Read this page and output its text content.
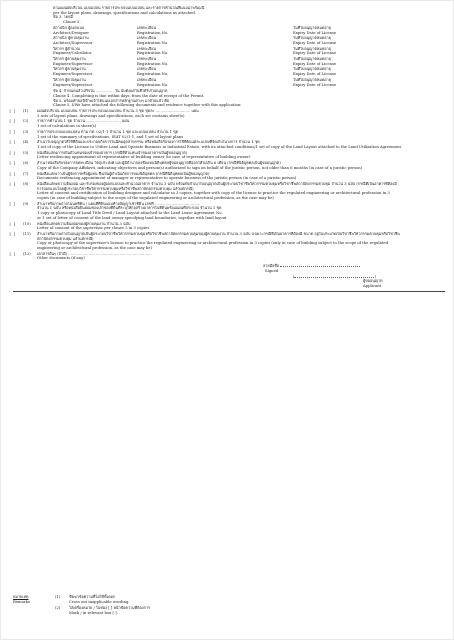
ตามแผนผังบริเวณ แบบแปลน รายการประกอบแบบแปลน และรายการคำนวณที่แนบมาพร้อมนี้
per the layout plans, drawings, specifications and calculations as attached.
ข้อ 3. โดยมี
Clause 3.
สถาปนิก ผู้ออกแบบ	เลขทะเบียน	วันที่ใบอนุญาตหมดอายุ
Architect/Designer	Registration No.	Expiry Date of License
สถาปนิก ผู้ควบคุมงาน	เลขทะเบียน	วันที่ใบอนุญาตหมดอายุ
Architect/Supervisor	Registration No.	Expiry Date of License
วิศวกร ผู้คำนวณ	เลขทะเบียน	วันที่ใบอนุญาตหมดอายุ
Engineer/Calculator	Registration No.	Expiry Date of License
วิศวกร ผู้ควบคุมงาน	เลขทะเบียน	วันที่ใบอนุญาตหมดอายุ
Engineer/Supervisor	Registration No.	Expiry Date of License
วิศวกร ผู้ควบคุมงาน	เลขทะเบียน	วันที่ใบอนุญาตหมดอายุ
Engineer/Supervisor	Registration No.	Expiry Date of License
วิศวกร ผู้ควบคุมงาน	เลขทะเบียน	วันที่ใบอนุญาตหมดอายุ
Engineer/Supervisor	Registration No.	Expiry Date of License
ข้อ 4. กำหนดแล้วเสร็จใน ............... วัน นับตั้งแต่วันที่ได้รับใบอนุญาต
Clause 4. Completing is due within days, from the date of receipt of the Permit.
ข้อ 5. พร้อมคำขอนี้ข้าพเจ้าได้แนบเอกสารหลักฐานต่างๆ มาด้วยแล้ว คือ
Clause 5. I/We have attached the following documents and evidence together with this application:
[ ]	(1)	แผนผังบริเวณ แบบแปลน รายการประกอบแบบแปลน จำนวน 3 ชุด ชุดละ ............................. แผ่น
3 sets of layout plans, drawings and specifications, each set contains sheet(s)
[ ]	(2)	รายการคำนวณ 1 ชุด จำนวน ............................. แผ่น
1 set of calculations in sheet(s)
[ ]	(3)	รายการประกอบแบบแปลน ตาม กท. 02/1-1 จำนวน 1 ชุด และแบบแปลน จำนวน 1 ชุด
1 set of the summary of specifications, IEAT 02/1-1, and 1 set of layout plans
[ ]	(4)	สำเนาใบอนุญาตให้ใช้ที่ดินและประกอบกิจการในนิคมอุตสาหกรรม หรือหนังสือรับรองการใช้ที่ดินแต่ละแปลงที่จัดเก็บในวงการ จำนวน 1 ชุด
1 set of copy of the License to Utilize Land and Operate Business in Industrial Estate, with its attached conditions/1 set of copy of the Land Layout attached to the Land Utilization Agreement
[ ]	(5)	หนังสือแสดงการเป็นตัวแทนของเจ้าของอาคาร (กรณีที่ตัวแทนเจ้าของอาคารเป็นผู้ขออนุญาต)
Letter evidencing appointment of representative of building owner (in case of representative of building owner)
[ ]	(6)	สำเนาหนังสือรับรองการจดทะเบียน วัตถุประสงค์ และผู้มีอำนาจลงชื่อแทนนิติบุคคลผู้ขออนุญาตที่ออกให้ไม่เกิน 6 เดือน (กรณีที่นิติบุคคลเป็นผู้ขออนุญาต)
Copy of the Company Affidavit, indicating objectives and person(s) authorized to sign on behalf of the juristic person, not older than 6 months (in case of a juristic person)
[ ]	(7)	หนังสือแสดงว่าเป็นผู้จัดการหรือผู้แทน ซึ่งเป็นผู้ดำเนินกิจการของนิติบุคคล (กรณีที่นิติบุคคลเป็นผู้ขออนุญาต)
Documents evidencing appointment of manager or representative to operate business of the juristic person (in case of a juristic person)
[ ]	(8)	หนังสือแสดงความยินยอม และรับรองของผู้ออกแบบและคำนวณอาคาร จำนวน 3 ฉบับ พร้อมทั้งสำเนาใบอนุญาตเป็นผู้ประกอบวิชาชีพวิศวกรรมควบคุมหรือวิชาชีพสถาปัตยกรรมควบคุม จำนวน 3 ฉบับ (กรณีที่เป็นอาคารที่ต้องมีการออกแบบโดยผู้ประกอบวิชาชีพวิศวกรรมควบคุมหรือวิชาชีพสถาปัตยกรรมควบคุม แล้วแต่กรณี)
Letter of consent and certification of building designer and calculator in 3 copies, together with copy of the license to practice the regulated engineering or architectural profession in 3 copies (in case of building subject to the scope of the regulated engineering or architectural profession, as the case may be)
[ ]	(9)	สำเนาหรือภาพถ่ายโฉนดที่ดิน / แผนที่ที่ดินแนบท้ายสัญญาเช่าที่ดิน เลขที่ ......................................
จำนวน 1 ฉบับ หรือหนังสือยินยอมของเจ้าของที่ดินที่ระบุให้ก่อสร้างอาคารในที่ดินพร้อมแผนที่ประกอบ จำนวน 1 ชุด
1 copy or photocopy of Land Title Deed / Land Layout attached to the Land Lease Agreement No.
or 1 set of letter of consent of the land owner specifying land boundaries, together with land layout
[ ]	(10)	หนังสือแสดงความยินยอมของผู้ควบคุมงาน จำนวน 3 ฉบับ
Letter of consent of the supervisor per clause 3 in 3 copies
[ ]	(11)	สำเนาหรือภาพถ่ายใบอนุญาตเป็นผู้ประกอบวิชาชีพวิศวกรรมควบคุมหรือวิชาชีพสถาปัตยกรรมควบคุมของผู้ควบคุมงาน จำนวน 3 ฉบับ (เฉพาะกรณีที่เป็นอาคารที่ต้องมี ขนาด อยู่ในประเภทเป็นวิชาชีพวิศวกรรมควบคุมหรือวิชาชีพสถาปัตยกรรมควบคุม แล้วแต่กรณี)
Copy or photocopy of the supervisor's license to practice the regulated engineering or architectural profession in 3 copies (only in case of building subject to the scope of the regulated engineering or architectural profession, as the case may be)
[ ]	(12)	เอกสารอื่นๆ (ถ้ามี) ......................................................................
Other documents (if any)
ลายมือชื่อ
Signed
(	)
ผู้ขออนุญาต
Applicant
หมายเหตุ	(1)	ขีดฆ่าข้อความที่ไม่ใช้ทิ้งออก
Remarks	Cross out inapplicable wording.
(2)	ใส่เครื่องหมาย / ในช่อง [ ] หน้าข้อความที่ต้องการ
Mark / in relevant box [ ].
